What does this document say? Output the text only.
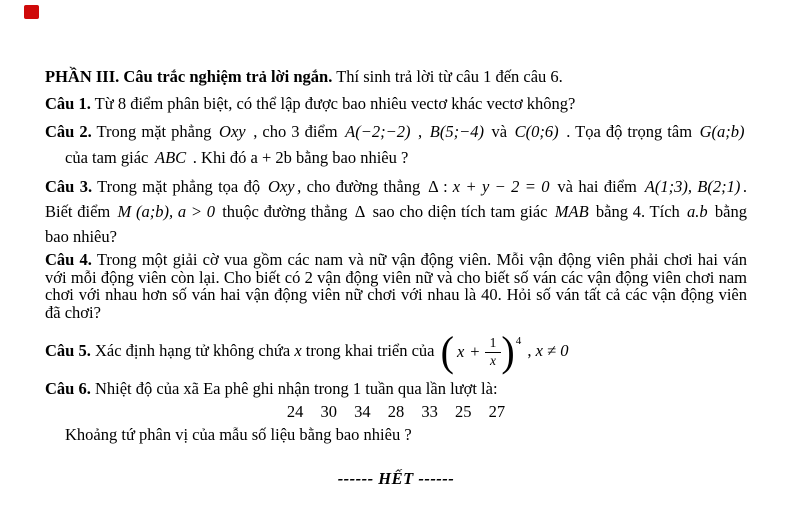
PHẦN III. Câu trắc nghiệm trả lời ngắn. Thí sinh trả lời từ câu 1 đến câu 6.

Câu 1. Từ 8 điểm phân biệt, có thể lập được bao nhiêu vectơ khác vectơ không?

Câu 2. Trong mặt phẳng Oxy , cho 3 điểm A(−2;−2) , B(5;−4) và C(0;6) . Tọa độ trọng tâm G(a;b) của tam giác ABC . Khi đó a + 2b bằng bao nhiêu ?

Câu 3. Trong mặt phẳng tọa độ Oxy , cho đường thẳng Δ : x + y − 2 = 0 và hai điểm A(1;3), B(2;1) . Biết điểm M (a;b), a > 0 thuộc đường thẳng Δ sao cho diện tích tam giác MAB bằng 4. Tích a.b bằng bao nhiêu?

Câu 4. Trong một giải cờ vua gồm các nam và nữ vận động viên. Mỗi vận động viên phải chơi hai ván với mỗi động viên còn lại. Cho biết có 2 vận động viên nữ và cho biết số ván các vận động viên chơi nam chơi với nhau hơn số ván hai vận động viên nữ chơi với nhau là 40. Hỏi số ván tất cả các vận động viên đã chơi?

Câu 5. Xác định hạng tử không chứa x trong khai triển của ( $x + \frac{1}{x}$ ) 4 , x ≠ 0

Câu 6. Nhiệt độ của xã Ea phê ghi nhận trong 1 tuần qua lần lượt là:

24 30 34 28 33 25 27

Khoảng tứ phân vị của mẫu số liệu bằng bao nhiêu ?

------ HẾT ------
